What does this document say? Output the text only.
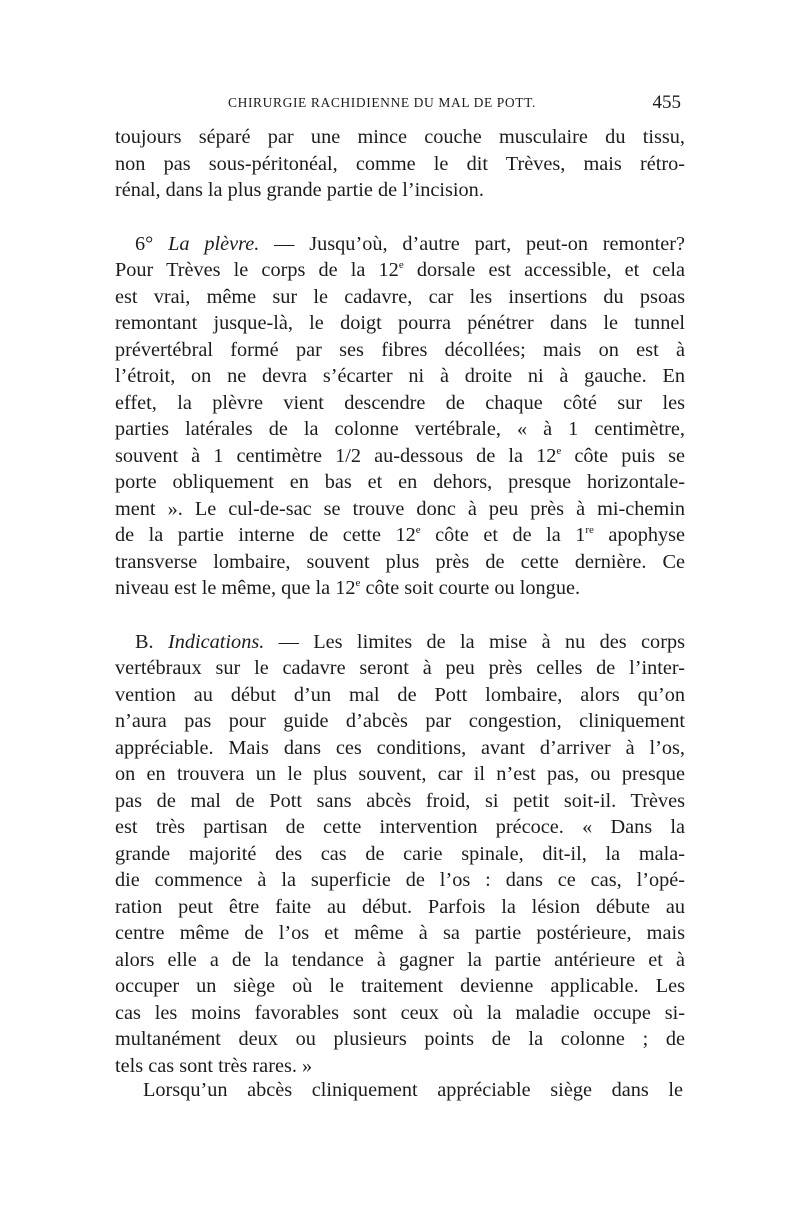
CHIRURGIE RACHIDIENNE DU MAL DE POTT.	455
toujours séparé par une mince couche musculaire du tissu,
non pas sous-péritonéal, comme le dit Trèves, mais rétro-
rénal, dans la plus grande partie de l’incision.
6° La plèvre. — Jusqu’où, d’autre part, peut-on remonter?
Pour Trèves le corps de la 12e dorsale est accessible, et cela
est vrai, même sur le cadavre, car les insertions du psoas
remontant jusque-là, le doigt pourra pénétrer dans le tunnel
prévertébral formé par ses fibres décollées; mais on est à
l’étroit, on ne devra s’écarter ni à droite ni à gauche. En
effet, la plèvre vient descendre de chaque côté sur les
parties latérales de la colonne vertébrale, « à 1 centimètre,
souvent à 1 centimètre 1/2 au-dessous de la 12e côte puis se
porte obliquement en bas et en dehors, presque horizontale-
ment ». Le cul-de-sac se trouve donc à peu près à mi-chemin
de la partie interne de cette 12e côte et de la 1re apophyse
transverse lombaire, souvent plus près de cette dernière. Ce
niveau est le même, que la 12e côte soit courte ou longue.
B. Indications. — Les limites de la mise à nu des corps
vertébraux sur le cadavre seront à peu près celles de l’inter-
vention au début d’un mal de Pott lombaire, alors qu’on
n’aura pas pour guide d’abcès par congestion, cliniquement
appréciable. Mais dans ces conditions, avant d’arriver à l’os,
on en trouvera un le plus souvent, car il n’est pas, ou presque
pas de mal de Pott sans abcès froid, si petit soit-il. Trèves
est très partisan de cette intervention précoce. « Dans la
grande majorité des cas de carie spinale, dit-il, la mala-
die commence à la superficie de l’os : dans ce cas, l’opé-
ration peut être faite au début. Parfois la lésion débute au
centre même de l’os et même à sa partie postérieure, mais
alors elle a de la tendance à gagner la partie antérieure et à
occuper un siège où le traitement devienne applicable. Les
cas les moins favorables sont ceux où la maladie occupe si-
multanément deux ou plusieurs points de la colonne ; de
tels cas sont très rares. »
Lorsqu’un abcès cliniquement appréciable siège dans le
